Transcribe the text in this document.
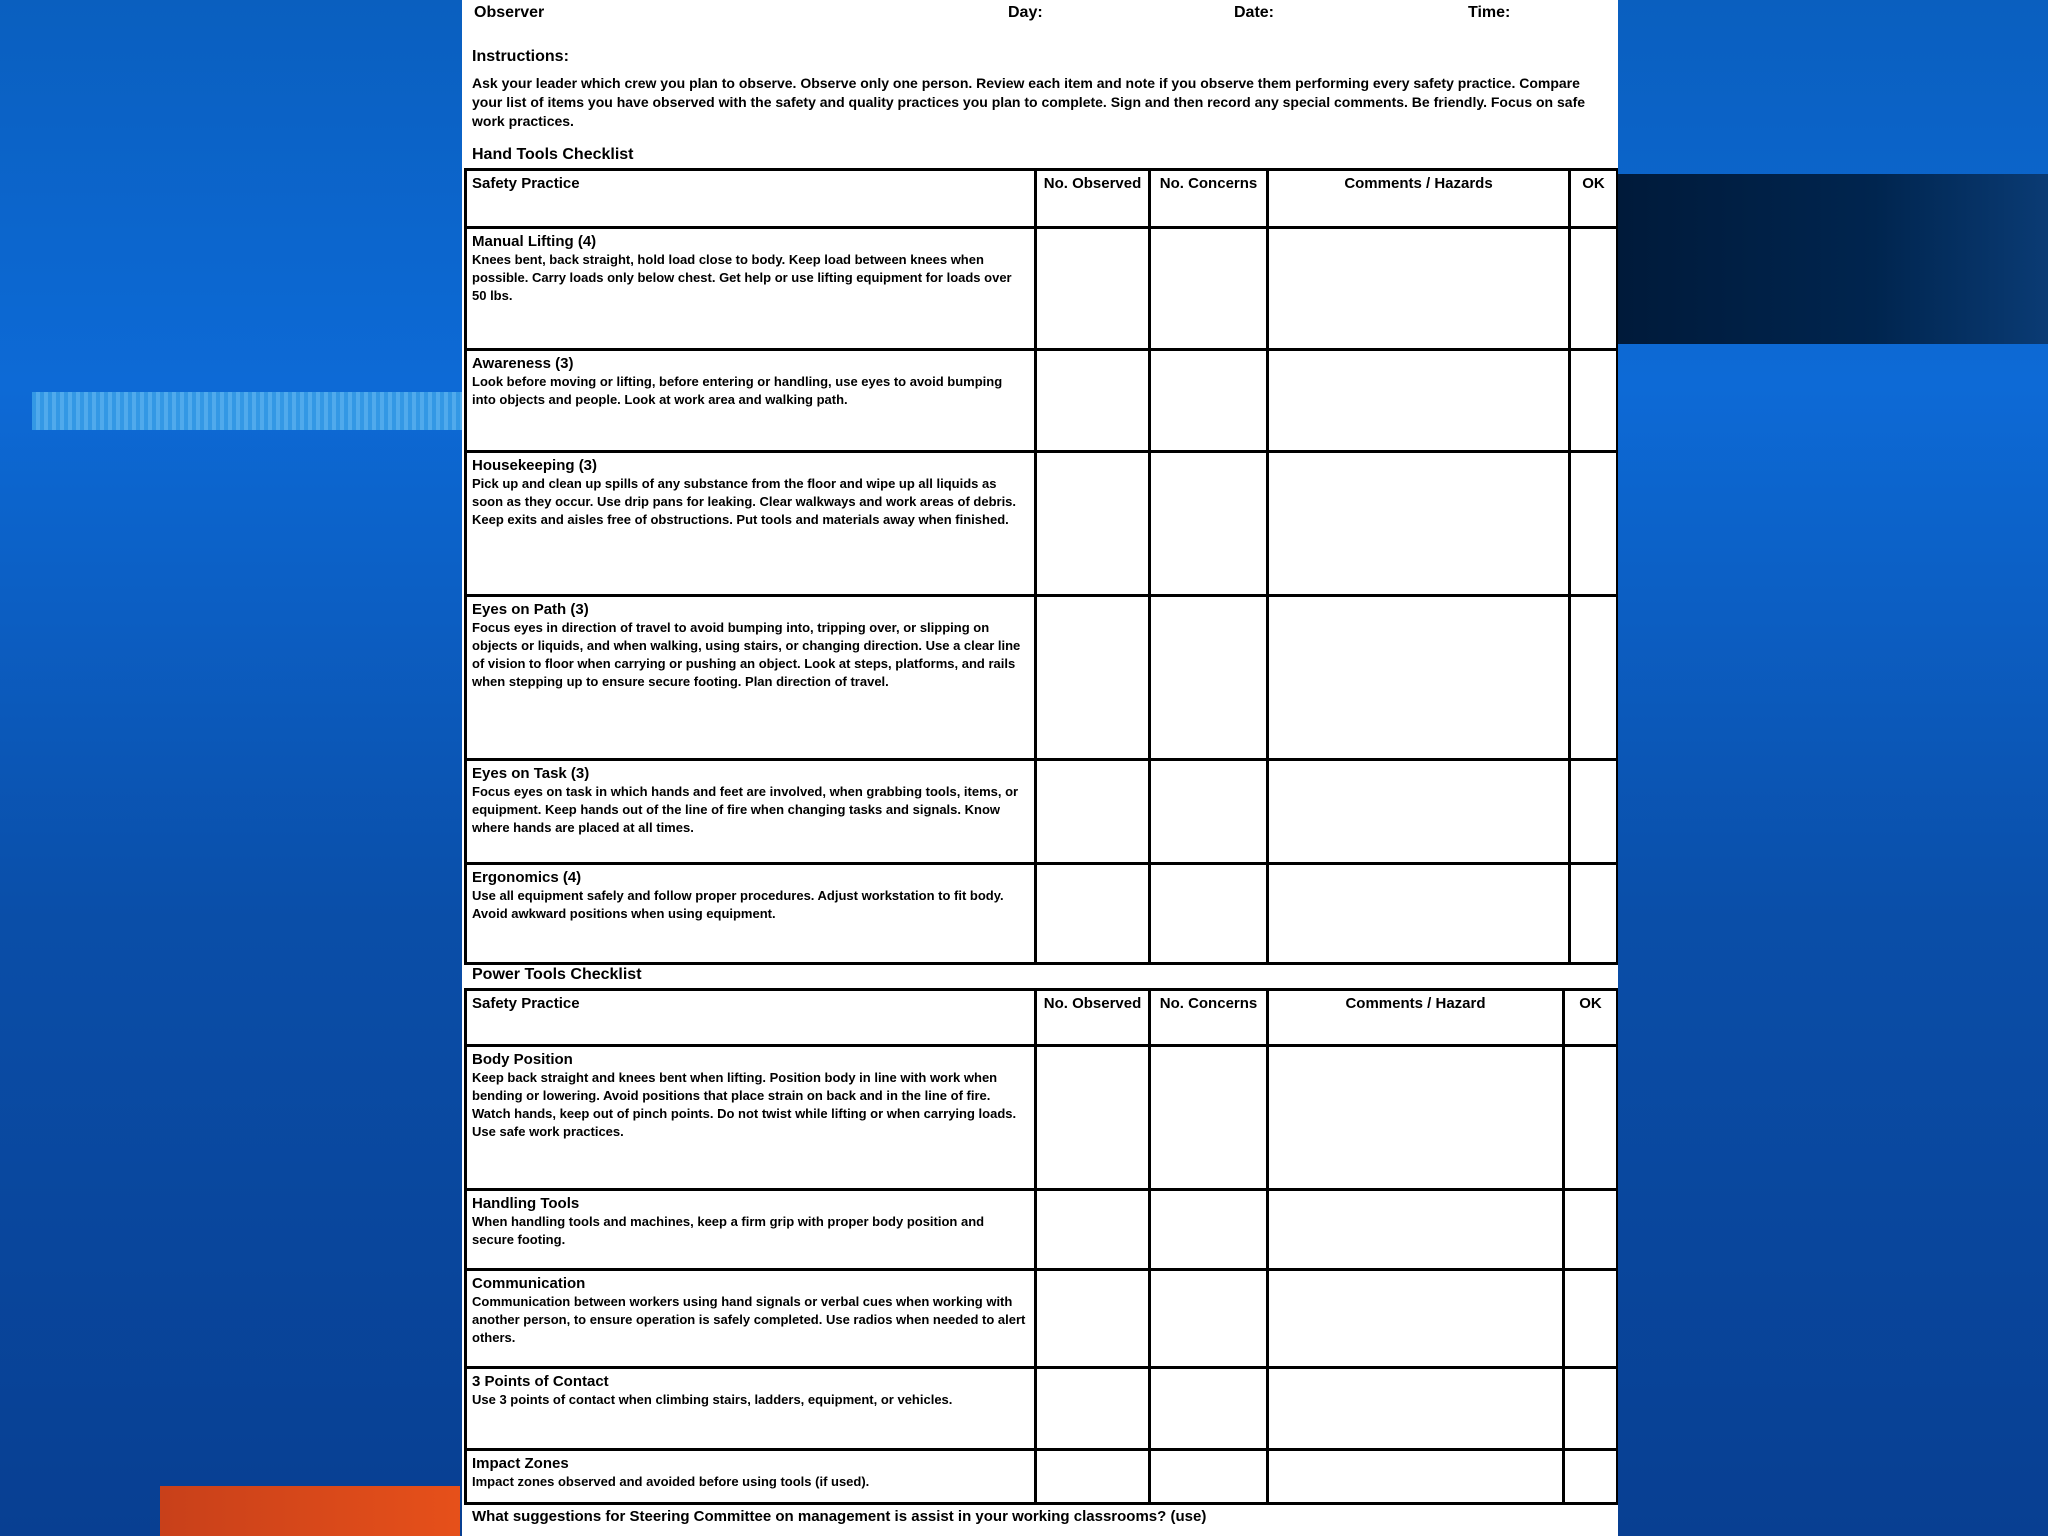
Observer	Day:	Date:	Time:
Instructions:
Ask your leader which crew you plan to observe. Observe only one person. Review each item and note if you observe them performing every safety practice. Compare your list of items you have observed with the safety and quality practices you plan to complete. Sign and then record any special comments. Be friendly. Focus on safe work practices.
Hand Tools Checklist
Safety Practice	No. Observed	No. Concerns	Comments / Hazards	OK

Manual Lifting (4)
Knees bent, back straight, hold load close to body. Keep load between knees when possible. Carry loads only below chest. Get help or use lifting equipment for loads over 50 lbs.				

Awareness (3)
Look before moving or lifting, before entering or handling, use eyes to avoid bumping into objects and people. Look at work area and walking path.				

Housekeeping (3)
Pick up and clean up spills of any substance from the floor and wipe up all liquids as soon as they occur. Use drip pans for leaking. Clear walkways and work areas of debris. Keep exits and aisles free of obstructions. Put tools and materials away when finished.				

Eyes on Path (3)
Focus eyes in direction of travel to avoid bumping into, tripping over, or slipping on objects or liquids, and when walking, using stairs, or changing direction. Use a clear line of vision to floor when carrying or pushing an object. Look at steps, platforms, and rails when stepping up to ensure secure footing. Plan direction of travel.				

Eyes on Task (3)
Focus eyes on task in which hands and feet are involved, when grabbing tools, items, or equipment. Keep hands out of the line of fire when changing tasks and signals. Know where hands are placed at all times.				

Ergonomics (4)
Use all equipment safely and follow proper procedures. Adjust workstation to fit body. Avoid awkward positions when using equipment.				

Power Tools Checklist
Safety Practice	No. Observed	No. Concerns	Comments / Hazard	OK

Body Position
Keep back straight and knees bent when lifting. Position body in line with work when bending or lowering. Avoid positions that place strain on back and in the line of fire. Watch hands, keep out of pinch points. Do not twist while lifting or when carrying loads. Use safe work practices.				

Handling Tools
When handling tools and machines, keep a firm grip with proper body position and secure footing.				

Communication
Communication between workers using hand signals or verbal cues when working with another person, to ensure operation is safely completed. Use radios when needed to alert others.				

3 Points of Contact
Use 3 points of contact when climbing stairs, ladders, equipment, or vehicles.				

Impact Zones
Impact zones observed and avoided before using tools (if used).				

What suggestions for Steering Committee on management is assist in your working classrooms? (use)
